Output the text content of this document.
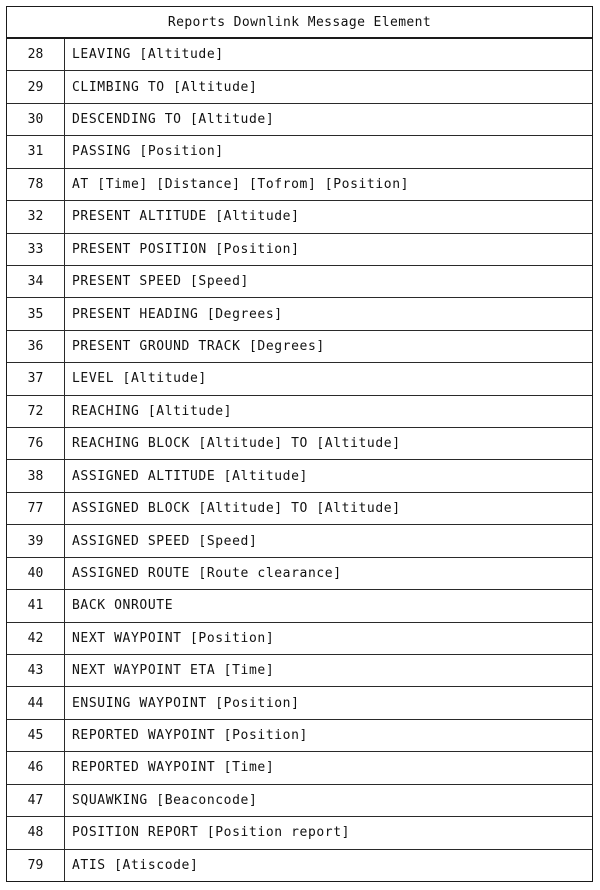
Reports Downlink Message Element
28	LEAVING [Altitude]
29	CLIMBING TO [Altitude]
30	DESCENDING TO [Altitude]
31	PASSING [Position]
78	AT [Time] [Distance] [Tofrom] [Position]
32	PRESENT ALTITUDE [Altitude]
33	PRESENT POSITION [Position]
34	PRESENT SPEED [Speed]
35	PRESENT HEADING [Degrees]
36	PRESENT GROUND TRACK [Degrees]
37	LEVEL [Altitude]
72	REACHING [Altitude]
76	REACHING BLOCK [Altitude] TO [Altitude]
38	ASSIGNED ALTITUDE [Altitude]
77	ASSIGNED BLOCK [Altitude] TO [Altitude]
39	ASSIGNED SPEED [Speed]
40	ASSIGNED ROUTE [Route clearance]
41	BACK ONROUTE
42	NEXT WAYPOINT [Position]
43	NEXT WAYPOINT ETA [Time]
44	ENSUING WAYPOINT [Position]
45	REPORTED WAYPOINT [Position]
46	REPORTED WAYPOINT [Time]
47	SQUAWKING [Beaconcode]
48	POSITION REPORT [Position report]
79	ATIS [Atiscode]
